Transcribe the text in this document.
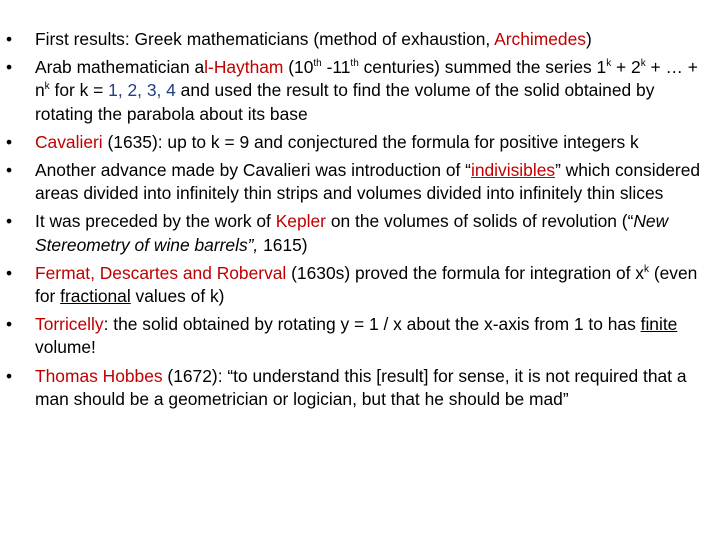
• First results: Greek mathematicians (method of exhaustion, Archimedes)
• Arab mathematician al-Haytham (10th -11th centuries) summed the series $1^k + 2^k$ + … + $n^k$ for k = 1, 2, 3, 4 and used the result to find the volume of the solid obtained by rotating the parabola about its base
• Cavalieri (1635): up to k = 9 and conjectured the formula for positive integers k
• Another advance made by Cavalieri was introduction of “indivisibles” which considered areas divided into infinitely thin strips and volumes divided into infinitely thin slices
• It was preceded by the work of Kepler on the volumes of solids of revolution (“New Stereometry of wine barrels”, 1615)
• Fermat, Descartes and Roberval (1630s) proved the formula for integration of $x^k$ (even for fractional values of k)
• Torricelly: the solid obtained by rotating y = 1 / x about the x-axis from 1 to has finite volume!
• Thomas Hobbes (1672): “to understand this [result] for sense, it is not required that a man should be a geometrician or logician, but that he should be mad”
